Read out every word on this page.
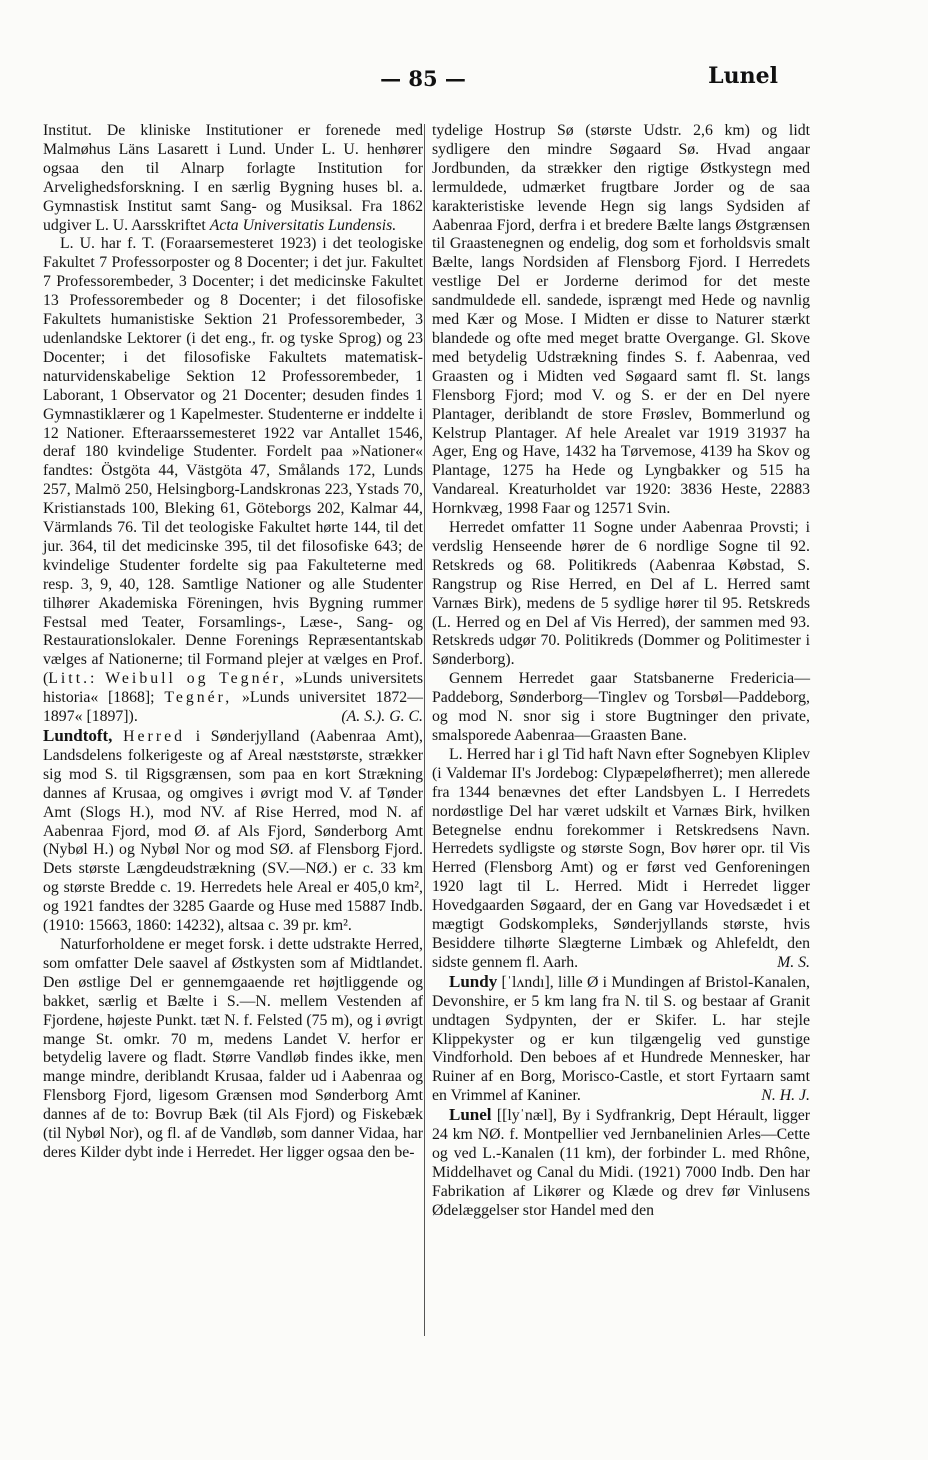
— 85 —	Lunel

Institut. De kliniske Institutioner er forenede med Malmøhus Läns Lasarett i Lund. Under L. U. henhører ogsaa den til Alnarp forlagte Institution for Arvelighedsforskning. I en særlig Bygning huses bl. a. Gymnastisk Institut samt Sang- og Musiksal. Fra 1862 udgiver L. U. Aarsskriftet Acta Universitatis Lundensis.

L. U. har f. T. (Foraarsemesteret 1923) i det teologiske Fakultet 7 Professorposter og 8 Docenter; i det jur. Fakultet 7 Professorembeder, 3 Docenter; i det medicinske Fakultet 13 Professorembeder og 8 Docenter; i det filosofiske Fakultets humanistiske Sektion 21 Professorembeder, 3 udenlandske Lektorer (i det eng., fr. og tyske Sprog) og 23 Docenter; i det filosofiske Fakultets matematisk-naturvidenskabelige Sektion 12 Professorembeder, 1 Laborant, 1 Observator og 21 Docenter; desuden findes 1 Gymnastiklærer og 1 Kapelmester. Studenterne er inddelte i 12 Nationer. Efteraarssemesteret 1922 var Antallet 1546, deraf 180 kvindelige Studenter. Fordelt paa »Nationer« fandtes: Östgöta 44, Västgöta 47, Smålands 172, Lunds 257, Malmö 250, Helsingborg-Landskronas 223, Ystads 70, Kristianstads 100, Bleking 61, Göteborgs 202, Kalmar 44, Värmlands 76. Til det teologiske Fakultet hørte 144, til det jur. 364, til det medicinske 395, til det filosofiske 643; de kvindelige Studenter fordelte sig paa Fakulteterne med resp. 3, 9, 40, 128. Samtlige Nationer og alle Studenter tilhører Akademiska Föreningen, hvis Bygning rummer Festsal med Teater, Forsamlings-, Læse-, Sang- og Restaurationslokaler. Denne Forenings Repræsentantskab vælges af Nationerne; til Formand plejer at vælges en Prof. (Litt.: Weibull og Tegnér, »Lunds universitets historia« [1868]; Tegnér, »Lunds universitet 1872—1897« [1897]).	(A. S.). G. C.

Lundtoft, Herred i Sønderjylland (Aabenraa Amt), Landsdelens folkerigeste og af Areal næststørste, strækker sig mod S. til Rigsgrænsen, som paa en kort Strækning dannes af Krusaa, og omgives i øvrigt mod V. af Tønder Amt (Slogs H.), mod NV. af Rise Herred, mod N. af Aabenraa Fjord, mod Ø. af Als Fjord, Sønderborg Amt (Nybøl H.) og Nybøl Nor og mod SØ. af Flensborg Fjord. Dets største Længdeudstrækning (SV.—NØ.) er c. 33 km og største Bredde c. 19. Herredets hele Areal er 405,0 km², og 1921 fandtes der 3285 Gaarde og Huse med 15887 Indb. (1910: 15663, 1860: 14232), altsaa c. 39 pr. km².

Naturforholdene er meget forsk. i dette udstrakte Herred, som omfatter Dele saavel af Østkysten som af Midtlandet. Den østlige Del er gennemgaaende ret højtliggende og bakket, særlig et Bælte i S.—N. mellem Vestenden af Fjordene, højeste Punkt. tæt N. f. Felsted (75 m), og i øvrigt mange St. omkr. 70 m, medens Landet V. herfor er betydelig lavere og fladt. Større Vandløb findes ikke, men mange mindre, deriblandt Krusaa, falder ud i Aabenraa og Flensborg Fjord, ligesom Grænsen mod Sønderborg Amt dannes af de to: Bovrup Bæk (til Als Fjord) og Fiskebæk (til Nybøl Nor), og fl. af de Vandløb, som danner Vidaa, har deres Kilder dybt inde i Herredet. Her ligger ogsaa den be-

tydelige Hostrup Sø (største Udstr. 2,6 km) og lidt sydligere den mindre Søgaard Sø. Hvad angaar Jordbunden, da strækker den rigtige Østkystegn med lermuldede, udmærket frugtbare Jorder og de saa karakteristiske levende Hegn sig langs Sydsiden af Aabenraa Fjord, derfra i et bredere Bælte langs Østgrænsen til Graastenegnen og endelig, dog som et forholdsvis smalt Bælte, langs Nordsiden af Flensborg Fjord. I Herredets vestlige Del er Jorderne derimod for det meste sandmuldede ell. sandede, isprængt med Hede og navnlig med Kær og Mose. I Midten er disse to Naturer stærkt blandede og ofte med meget bratte Overgange. Gl. Skove med betydelig Udstrækning findes S. f. Aabenraa, ved Graasten og i Midten ved Søgaard samt fl. St. langs Flensborg Fjord; mod V. og S. er der en Del nyere Plantager, deriblandt de store Frøslev, Bommerlund og Kelstrup Plantager. Af hele Arealet var 1919 31937 ha Ager, Eng og Have, 1432 ha Tørvemose, 4139 ha Skov og Plantage, 1275 ha Hede og Lyngbakker og 515 ha Vandareal. Kreaturholdet var 1920: 3836 Heste, 22883 Hornkvæg, 1998 Faar og 12571 Svin.

Herredet omfatter 11 Sogne under Aabenraa Provsti; i verdslig Henseende hører de 6 nordlige Sogne til 92. Retskreds og 68. Politikreds (Aabenraa Købstad, S. Rangstrup og Rise Herred, en Del af L. Herred samt Varnæs Birk), medens de 5 sydlige hører til 95. Retskreds (L. Herred og en Del af Vis Herred), der sammen med 93. Retskreds udgør 70. Politikreds (Dommer og Politimester i Sønderborg).

Gennem Herredet gaar Statsbanerne Fredericia—Paddeborg, Sønderborg—Tinglev og Torsbøl—Paddeborg, og mod N. snor sig i store Bugtninger den private, smalsporede Aabenraa—Graasten Bane.

L. Herred har i gl Tid haft Navn efter Sognebyen Kliplev (i Valdemar II's Jordebog: Clypæpeløfherret); men allerede fra 1344 benævnes det efter Landsbyen L. I Herredets nordøstlige Del har været udskilt et Varnæs Birk, hvilken Betegnelse endnu forekommer i Retskredsens Navn. Herredets sydligste og største Sogn, Bov hører opr. til Vis Herred (Flensborg Amt) og er først ved Genforeningen 1920 lagt til L. Herred. Midt i Herredet ligger Hovedgaarden Søgaard, der en Gang var Hovedsædet i et mægtigt Godskompleks, Sønderjyllands største, hvis Besiddere tilhørte Slægterne Limbæk og Ahlefeldt, den sidste gennem fl. Aarh.	M. S.

Lundy [ˈlʌndı], lille Ø i Mundingen af Bristol-Kanalen, Devonshire, er 5 km lang fra N. til S. og bestaar af Granit undtagen Sydpynten, der er Skifer. L. har stejle Klippekyster og er kun tilgængelig ved gunstige Vindforhold. Den beboes af et Hundrede Mennesker, har Ruiner af en Borg, Morisco-Castle, et stort Fyrtaarn samt en Vrimmel af Kaniner.	N. H. J.

Lunel [[lyˈnæl], By i Sydfrankrig, Dept Hérault, ligger 24 km NØ. f. Montpellier ved Jernbanelinien Arles—Cette og ved L.-Kanalen (11 km), der forbinder L. med Rhône, Middelhavet og Canal du Midi. (1921) 7000 Indb. Den har Fabrikation af Likører og Klæde og drev før Vinlusens Ødelæggelser stor Handel med den
